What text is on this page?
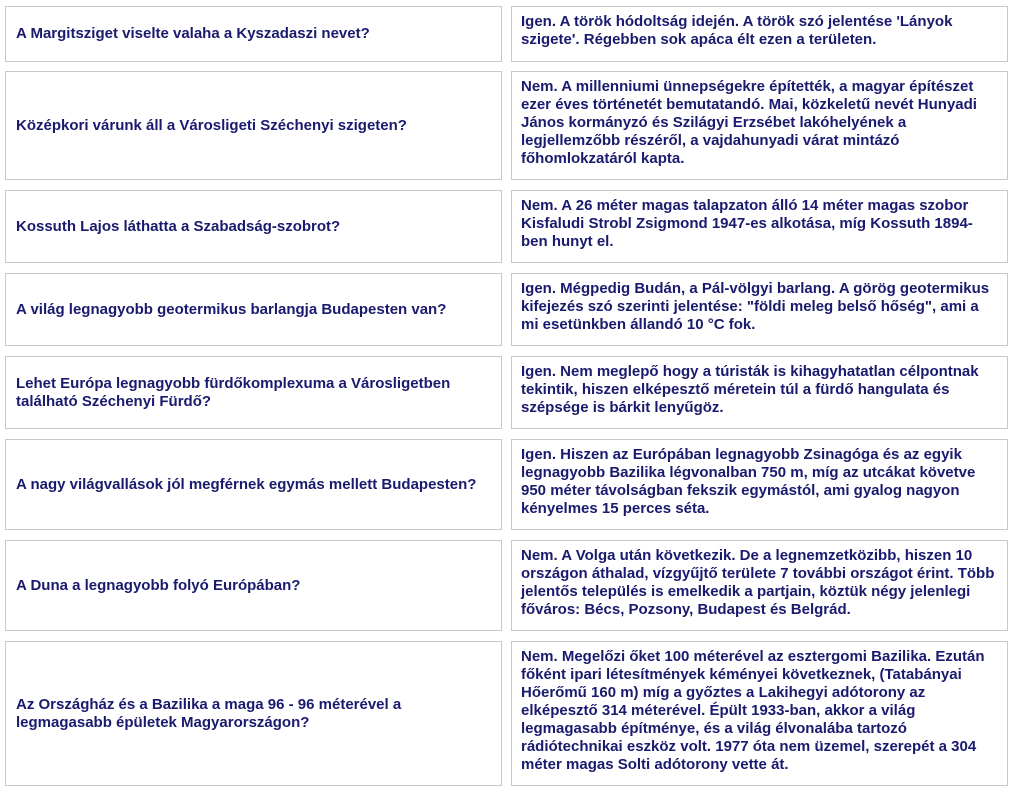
A Margitsziget viselte valaha a Kyszadaszi nevet?
Igen. A török hódoltság idején. A török szó jelentése 'Lányok szigete'. Régebben sok apáca élt ezen a területen.
Középkori várunk áll a Városligeti Széchenyi szigeten?
Nem. A millenniumi ünnepségekre építették, a magyar építészet ezer éves történetét bemutatandó. Mai, közkeletű nevét Hunyadi János kormányzó és Szilágyi Erzsébet lakóhelyének a legjellemzőbb részéről, a vajdahunyadi várat mintázó főhomlokzatáról kapta.
Kossuth Lajos láthatta a Szabadság-szobrot?
Nem. A 26 méter magas talapzaton álló 14 méter magas szobor Kisfaludi Strobl Zsigmond 1947-es alkotása, míg Kossuth 1894-ben hunyt el.
A világ legnagyobb geotermikus barlangja Budapesten van?
Igen. Mégpedig Budán, a Pál-völgyi barlang. A görög geotermikus kifejezés szó szerinti jelentése: "földi meleg belső hőség", ami a mi esetünkben állandó 10 °C fok.
Lehet Európa legnagyobb fürdőkomplexuma a Városligetben található Széchenyi Fürdő?
Igen. Nem meglepő hogy a túristák is kihagyhatatlan célpontnak tekintik, hiszen elképesztő méretein túl a fürdő hangulata és szépsége is bárkit lenyűgöz.
A nagy világvallások jól megférnek egymás mellett Budapesten?
Igen. Hiszen az Európában legnagyobb Zsinagóga és az egyik legnagyobb Bazilika légvonalban 750 m, míg az utcákat követve 950 méter távolságban fekszik egymástól, ami gyalog nagyon kényelmes 15 perces séta.
A Duna a legnagyobb folyó Európában?
Nem. A Volga után következik. De a legnemzetközibb, hiszen 10 országon áthalad, vízgyűjtő területe 7 további országot érint. Több jelentős település is emelkedik a partjain, köztük négy jelenlegi főváros: Bécs, Pozsony, Budapest és Belgrád.
Az Országház és a Bazilika a maga 96 - 96 méterével a legmagasabb épületek Magyarországon?
Nem. Megelőzi őket 100 méterével az esztergomi Bazilika. Ezután főként ipari létesítmények kéményei következnek, (Tatabányai Hőerőmű 160 m) míg a győztes a Lakihegyi adótorony az elképesztő 314 méterével. Épült 1933-ban, akkor a világ legmagasabb építménye, és a világ élvonalába tartozó rádiótechnikai eszköz volt. 1977 óta nem üzemel, szerepét a 304 méter magas Solti adótorony vette át.
